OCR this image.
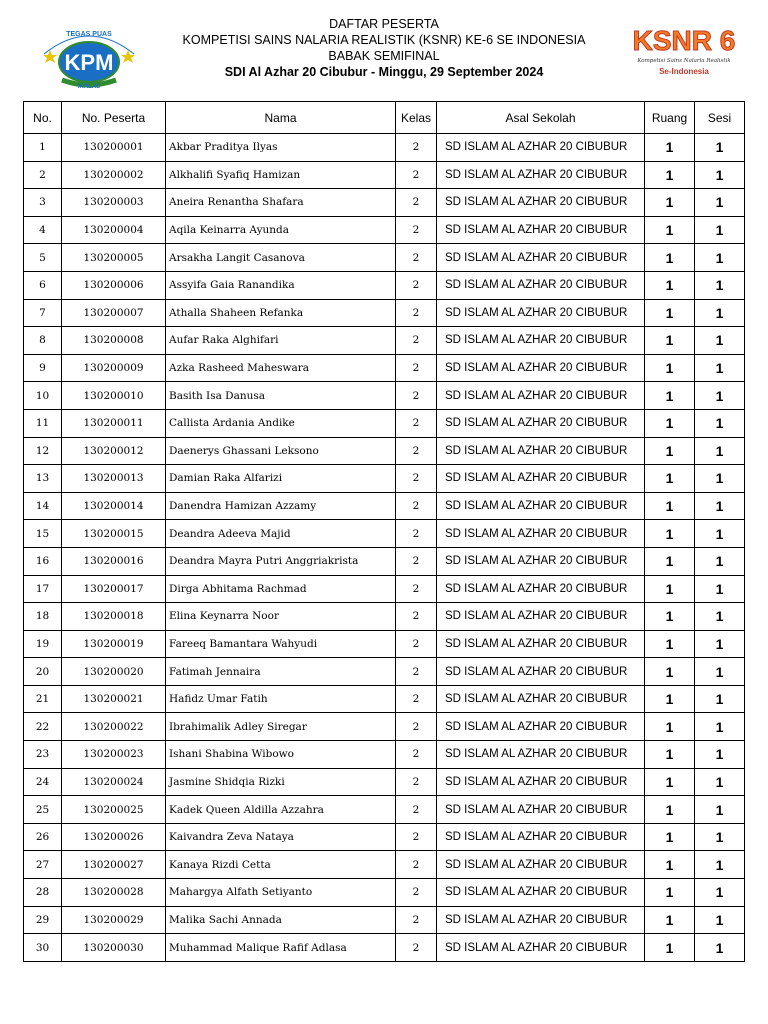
TEGAS PUAS
KPM
IKHLAS
DAFTAR PESERTA
KOMPETISI SAINS NALARIA REALISTIK (KSNR) KE-6 SE INDONESIA
BABAK SEMIFINAL
SDI Al Azhar 20 Cibubur - Minggu, 29 September 2024
KSNR 6
Kompetisi Sains Nalaria Realistik
Se-Indonesia
No.	No. Peserta	Nama	Kelas	Asal Sekolah	Ruang	Sesi
1	130200001	Akbar Praditya Ilyas	2	SD ISLAM AL AZHAR 20 CIBUBUR	1	1
2	130200002	Alkhalifi Syafiq Hamizan	2	SD ISLAM AL AZHAR 20 CIBUBUR	1	1
3	130200003	Aneira Renantha Shafara	2	SD ISLAM AL AZHAR 20 CIBUBUR	1	1
4	130200004	Aqila Keinarra Ayunda	2	SD ISLAM AL AZHAR 20 CIBUBUR	1	1
5	130200005	Arsakha Langit Casanova	2	SD ISLAM AL AZHAR 20 CIBUBUR	1	1
6	130200006	Assyifa Gaia Ranandika	2	SD ISLAM AL AZHAR 20 CIBUBUR	1	1
7	130200007	Athalla Shaheen Refanka	2	SD ISLAM AL AZHAR 20 CIBUBUR	1	1
8	130200008	Aufar Raka Alghifari	2	SD ISLAM AL AZHAR 20 CIBUBUR	1	1
9	130200009	Azka Rasheed Maheswara	2	SD ISLAM AL AZHAR 20 CIBUBUR	1	1
10	130200010	Basith Isa Danusa	2	SD ISLAM AL AZHAR 20 CIBUBUR	1	1
11	130200011	Callista Ardania Andike	2	SD ISLAM AL AZHAR 20 CIBUBUR	1	1
12	130200012	Daenerys Ghassani Leksono	2	SD ISLAM AL AZHAR 20 CIBUBUR	1	1
13	130200013	Damian Raka Alfarizi	2	SD ISLAM AL AZHAR 20 CIBUBUR	1	1
14	130200014	Danendra Hamizan Azzamy	2	SD ISLAM AL AZHAR 20 CIBUBUR	1	1
15	130200015	Deandra Adeeva Majid	2	SD ISLAM AL AZHAR 20 CIBUBUR	1	1
16	130200016	Deandra Mayra Putri Anggriakrista	2	SD ISLAM AL AZHAR 20 CIBUBUR	1	1
17	130200017	Dirga Abhitama Rachmad	2	SD ISLAM AL AZHAR 20 CIBUBUR	1	1
18	130200018	Elina Keynarra Noor	2	SD ISLAM AL AZHAR 20 CIBUBUR	1	1
19	130200019	Fareeq Bamantara Wahyudi	2	SD ISLAM AL AZHAR 20 CIBUBUR	1	1
20	130200020	Fatimah Jennaira	2	SD ISLAM AL AZHAR 20 CIBUBUR	1	1
21	130200021	Hafidz Umar Fatih	2	SD ISLAM AL AZHAR 20 CIBUBUR	1	1
22	130200022	Ibrahimalik Adley Siregar	2	SD ISLAM AL AZHAR 20 CIBUBUR	1	1
23	130200023	Ishani Shabina Wibowo	2	SD ISLAM AL AZHAR 20 CIBUBUR	1	1
24	130200024	Jasmine Shidqia Rizki	2	SD ISLAM AL AZHAR 20 CIBUBUR	1	1
25	130200025	Kadek Queen Aldilla Azzahra	2	SD ISLAM AL AZHAR 20 CIBUBUR	1	1
26	130200026	Kaivandra Zeva Nataya	2	SD ISLAM AL AZHAR 20 CIBUBUR	1	1
27	130200027	Kanaya Rizdi Cetta	2	SD ISLAM AL AZHAR 20 CIBUBUR	1	1
28	130200028	Mahargya Alfath Setiyanto	2	SD ISLAM AL AZHAR 20 CIBUBUR	1	1
29	130200029	Malika Sachi Annada	2	SD ISLAM AL AZHAR 20 CIBUBUR	1	1
30	130200030	Muhammad Malique Rafif Adlasa	2	SD ISLAM AL AZHAR 20 CIBUBUR	1	1
